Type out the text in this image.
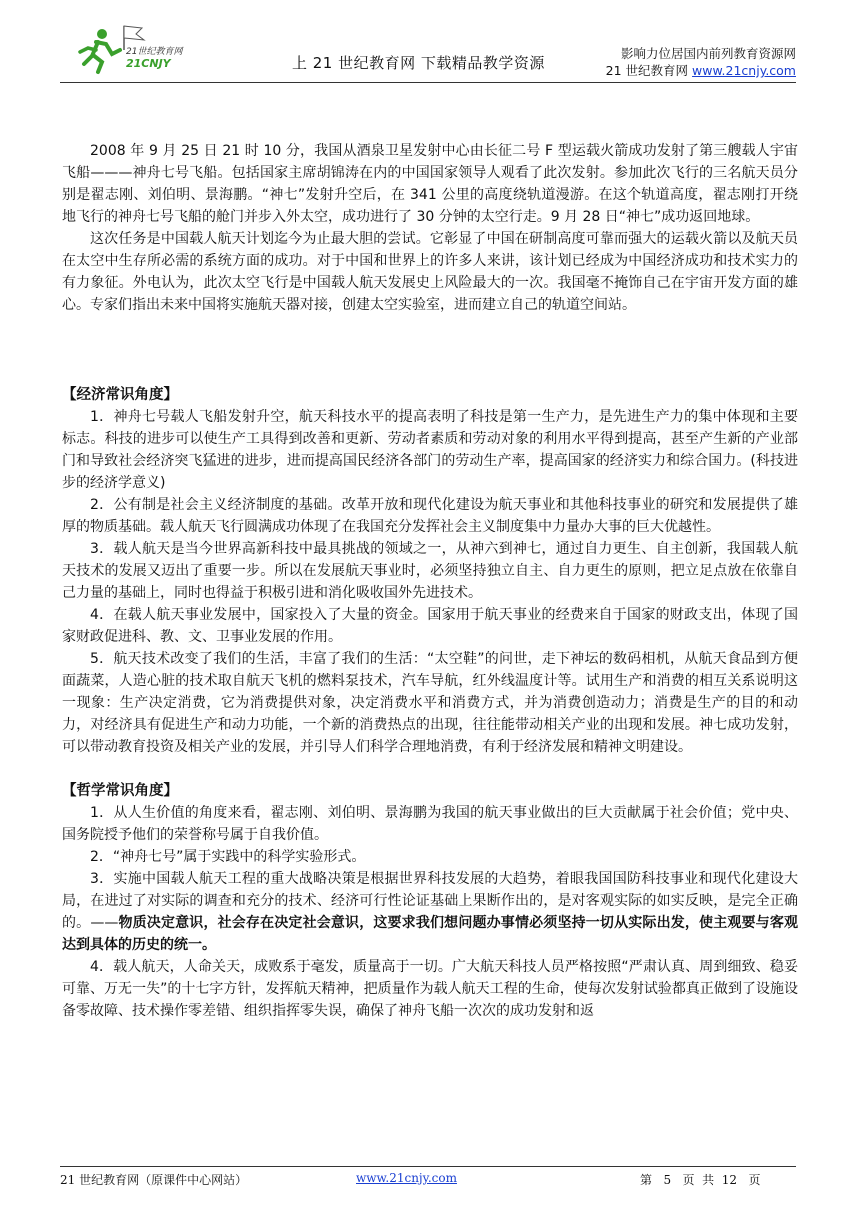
21世纪教育网
21CNJY	上 21 世纪教育网 下载精品教学资源
影响力位居国内前列教育资源网
21 世纪教育网 www.21cnjy.com

2008 年 9 月 25 日 21 时 10 分，我国从酒泉卫星发射中心由长征二号 F 型运载火箭成功发射了第三艘载人宇宙飞船———神舟七号飞船。包括国家主席胡锦涛在内的中国国家领导人观看了此次发射。参加此次飞行的三名航天员分别是翟志刚、刘伯明、景海鹏。“神七”发射升空后，在 341 公里的高度绕轨道漫游。在这个轨道高度，翟志刚打开绕地飞行的神舟七号飞船的舱门并步入外太空，成功进行了 30 分钟的太空行走。9 月 28 日“神七”成功返回地球。

这次任务是中国载人航天计划迄今为止最大胆的尝试。它彰显了中国在研制高度可靠而强大的运载火箭以及航天员在太空中生存所必需的系统方面的成功。对于中国和世界上的许多人来讲，该计划已经成为中国经济成功和技术实力的有力象征。外电认为，此次太空飞行是中国载人航天发展史上风险最大的一次。我国毫不掩饰自己在宇宙开发方面的雄心。专家们指出未来中国将实施航天器对接，创建太空实验室，进而建立自己的轨道空间站。

【经济常识角度】

1．神舟七号载人飞船发射升空，航天科技水平的提高表明了科技是第一生产力，是先进生产力的集中体现和主要标志。科技的进步可以使生产工具得到改善和更新、劳动者素质和劳动对象的利用水平得到提高，甚至产生新的产业部门和导致社会经济突飞猛进的进步，进而提高国民经济各部门的劳动生产率，提高国家的经济实力和综合国力。(科技进步的经济学意义)

2．公有制是社会主义经济制度的基础。改革开放和现代化建设为航天事业和其他科技事业的研究和发展提供了雄厚的物质基础。载人航天飞行圆满成功体现了在我国充分发挥社会主义制度集中力量办大事的巨大优越性。

3．载人航天是当今世界高新科技中最具挑战的领域之一，从神六到神七，通过自力更生、自主创新，我国载人航天技术的发展又迈出了重要一步。所以在发展航天事业时，必须坚持独立自主、自力更生的原则，把立足点放在依靠自己力量的基础上，同时也得益于积极引进和消化吸收国外先进技术。

4．在载人航天事业发展中，国家投入了大量的资金。国家用于航天事业的经费来自于国家的财政支出，体现了国家财政促进科、教、文、卫事业发展的作用。

5．航天技术改变了我们的生活，丰富了我们的生活：“太空鞋”的问世，走下神坛的数码相机，从航天食品到方便面蔬菜，人造心脏的技术取自航天飞机的燃料泵技术，汽车导航，红外线温度计等。试用生产和消费的相互关系说明这一现象：生产决定消费，它为消费提供对象，决定消费水平和消费方式，并为消费创造动力；消费是生产的目的和动力，对经济具有促进生产和动力功能，一个新的消费热点的出现，往往能带动相关产业的出现和发展。神七成功发射，可以带动教育投资及相关产业的发展，并引导人们科学合理地消费，有利于经济发展和精神文明建设。

【哲学常识角度】

1．从人生价值的角度来看，翟志刚、刘伯明、景海鹏为我国的航天事业做出的巨大贡献属于社会价值；党中央、国务院授予他们的荣誉称号属于自我价值。

2．“神舟七号”属于实践中的科学实验形式。

3．实施中国载人航天工程的重大战略决策是根据世界科技发展的大趋势，着眼我国国防科技事业和现代化建设大局，在进过了对实际的调查和充分的技术、经济可行性论证基础上果断作出的，是对客观实际的如实反映，是完全正确的。——物质决定意识，社会存在决定社会意识，这要求我们想问题办事情必须坚持一切从实际出发，使主观要与客观达到具体的历史的统一。

4．载人航天，人命关天，成败系于毫发，质量高于一切。广大航天科技人员严格按照“严肃认真、周到细致、稳妥可靠、万无一失”的十七字方针，发挥航天精神，把质量作为载人航天工程的生命，使每次发射试验都真正做到了设施设备零故障、技术操作零差错、组织指挥零失误，确保了神舟飞船一次次的成功发射和返

21 世纪教育网（原课件中心网站）	www.21cnjy.com	第   5   页  共  12   页
